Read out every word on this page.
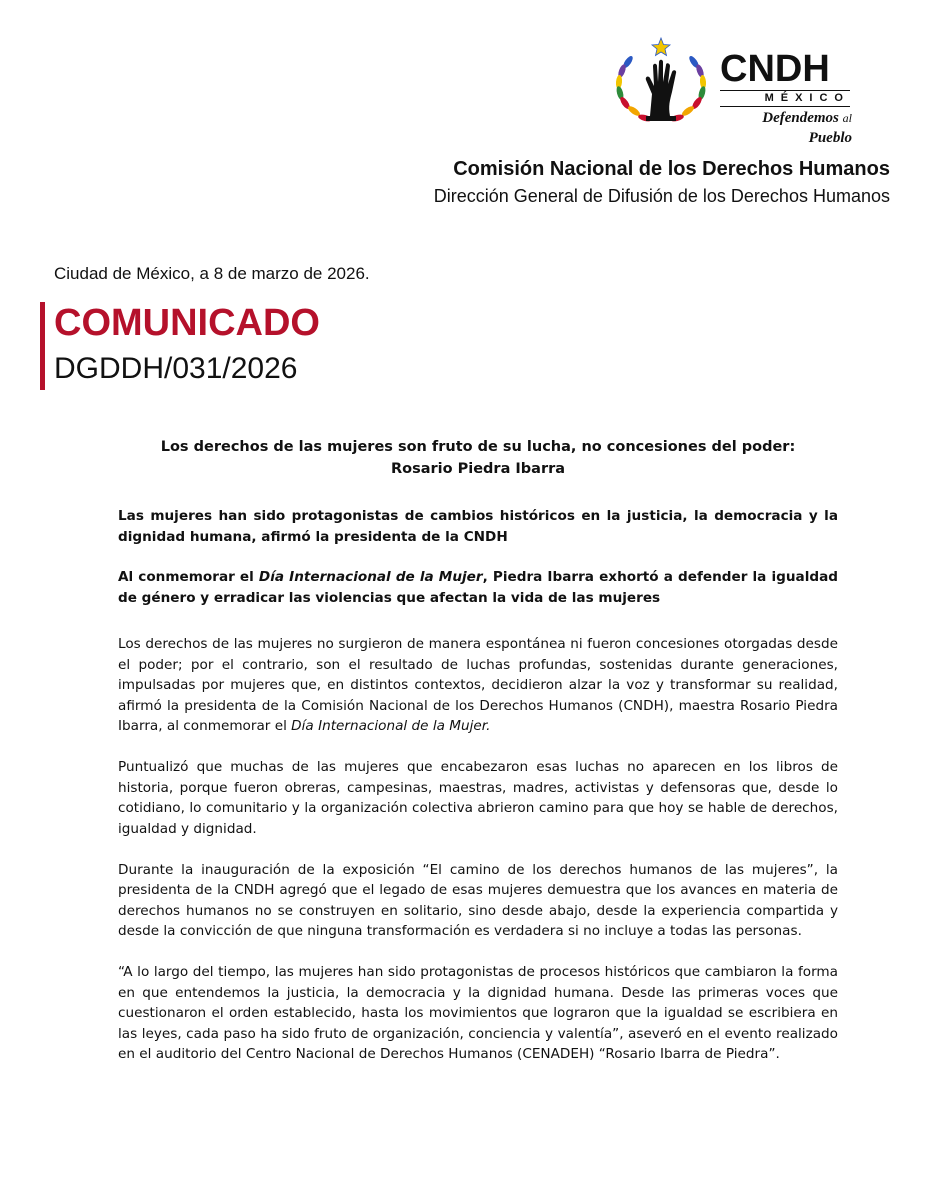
CNDH
MÉXICO
Defendemos al Pueblo
Comisión Nacional de los Derechos Humanos
Dirección General de Difusión de los Derechos Humanos
Ciudad de México, a 8 de marzo de 2026.
COMUNICADO
DGDDH/031/2026
Los derechos de las mujeres son fruto de su lucha, no concesiones del poder:
Rosario Piedra Ibarra

Las mujeres han sido protagonistas de cambios históricos en la justicia, la democracia y la dignidad humana, afirmó la presidenta de la CNDH

Al conmemorar el Día Internacional de la Mujer, Piedra Ibarra exhortó a defender la igualdad de género y erradicar las violencias que afectan la vida de las mujeres

Los derechos de las mujeres no surgieron de manera espontánea ni fueron concesiones otorgadas desde el poder; por el contrario, son el resultado de luchas profundas, sostenidas durante generaciones, impulsadas por mujeres que, en distintos contextos, decidieron alzar la voz y transformar su realidad, afirmó la presidenta de la Comisión Nacional de los Derechos Humanos (CNDH), maestra Rosario Piedra Ibarra, al conmemorar el Día Internacional de la Mujer.

Puntualizó que muchas de las mujeres que encabezaron esas luchas no aparecen en los libros de historia, porque fueron obreras, campesinas, maestras, madres, activistas y defensoras que, desde lo cotidiano, lo comunitario y la organización colectiva abrieron camino para que hoy se hable de derechos, igualdad y dignidad.

Durante la inauguración de la exposición “El camino de los derechos humanos de las mujeres”, la presidenta de la CNDH agregó que el legado de esas mujeres demuestra que los avances en materia de derechos humanos no se construyen en solitario, sino desde abajo, desde la experiencia compartida y desde la convicción de que ninguna transformación es verdadera si no incluye a todas las personas.

“A lo largo del tiempo, las mujeres han sido protagonistas de procesos históricos que cambiaron la forma en que entendemos la justicia, la democracia y la dignidad humana. Desde las primeras voces que cuestionaron el orden establecido, hasta los movimientos que lograron que la igualdad se escribiera en las leyes, cada paso ha sido fruto de organización, conciencia y valentía”, aseveró en el evento realizado en el auditorio del Centro Nacional de Derechos Humanos (CENADEH) “Rosario Ibarra de Piedra”.
